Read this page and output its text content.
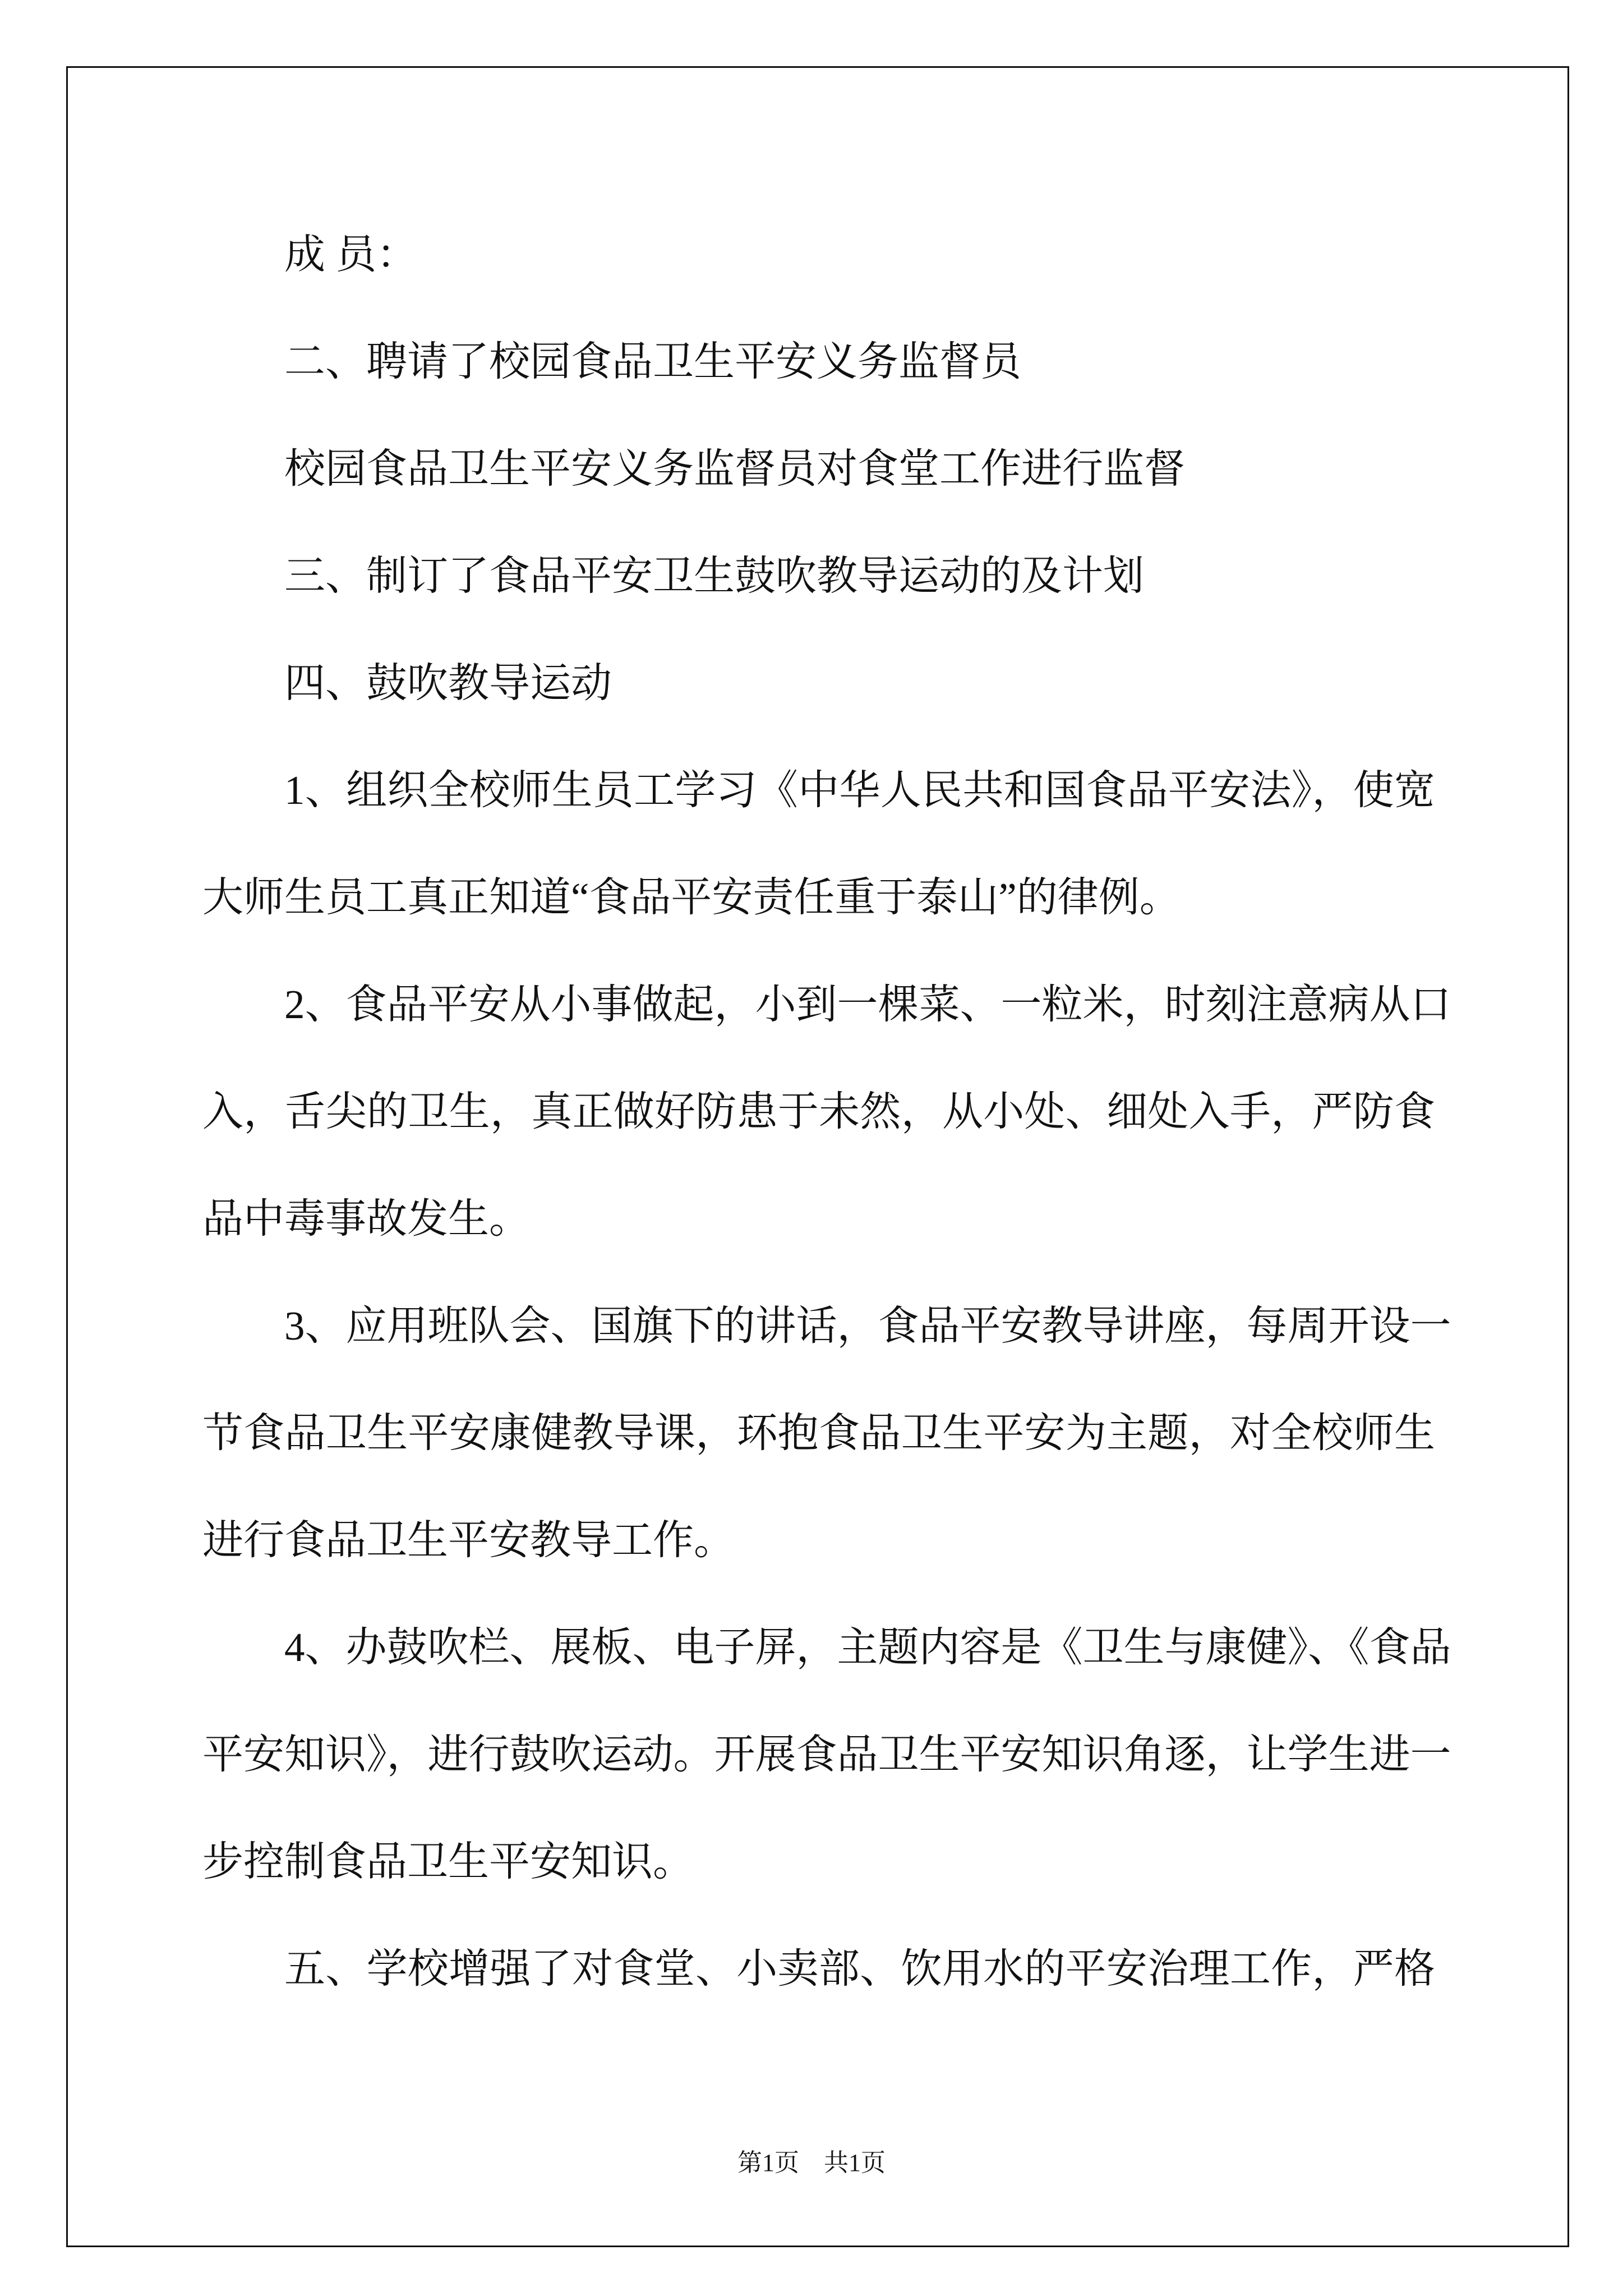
成 员：
二、聘请了校园食品卫生平安义务监督员
校园食品卫生平安义务监督员对食堂工作进行监督
三、制订了食品平安卫生鼓吹教导运动的及计划
四、鼓吹教导运动
1、组织全校师生员工学习《中华人民共和国食品平安法》，使宽
大师生员工真正知道“食品平安责任重于泰山”的律例。
2、食品平安从小事做起，小到一棵菜、一粒米，时刻注意病从口
入，舌尖的卫生，真正做好防患于未然，从小处、细处入手，严防食
品中毒事故发生。
3、应用班队会、国旗下的讲话，食品平安教导讲座，每周开设一
节食品卫生平安康健教导课，环抱食品卫生平安为主题，对全校师生
进行食品卫生平安教导工作。
4、办鼓吹栏、展板、电子屏，主题内容是《卫生与康健》、《食品
平安知识》，进行鼓吹运动。开展食品卫生平安知识角逐，让学生进一
步控制食品卫生平安知识。
五、学校增强了对食堂、小卖部、饮用水的平安治理工作，严格
第1页 共1页
